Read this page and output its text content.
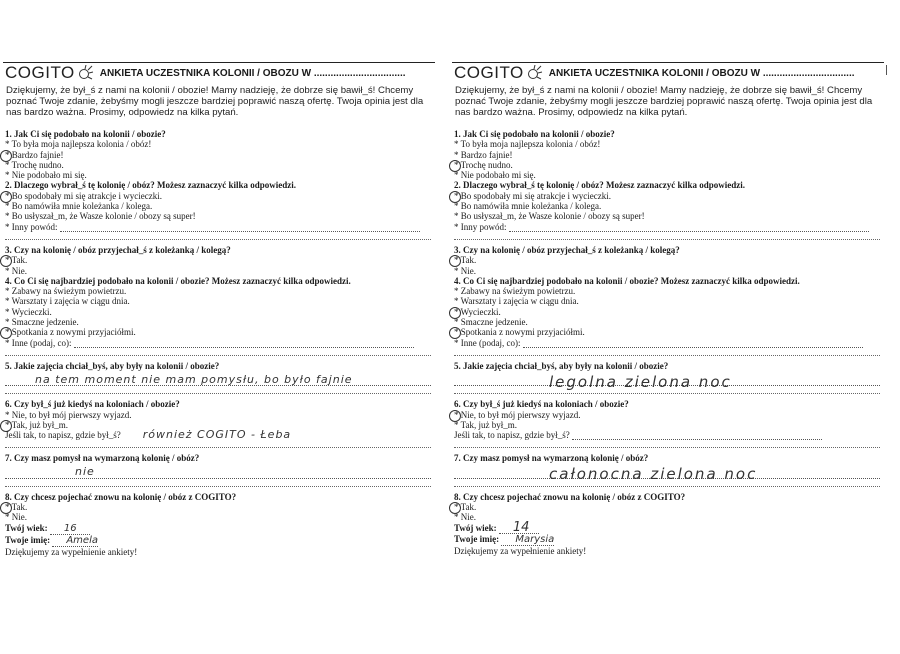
COGITO	ANKIETA UCZESTNIKA KOLONII / OBOZU W .................................
Dziękujemy, że był_ś z nami na kolonii / obozie! Mamy nadzieję, że dobrze się bawił_ś! Chcemy poznać Twoje zdanie, żebyśmy mogli jeszcze bardziej poprawić naszą ofertę. Twoja opinia jest dla nas bardzo ważna. Prosimy, odpowiedz na kilka pytań.
1. Jak Ci się podobało na kolonii / obozie?
* To była moja najlepsza kolonia / obóz!
* Bardzo fajnie!
* Trochę nudno.
* Nie podobało mi się.
2. Dlaczego wybrał_ś tę kolonię / obóz? Możesz zaznaczyć kilka odpowiedzi.
* Bo spodobały mi się atrakcje i wycieczki.
* Bo namówiła mnie koleżanka / kolega.
* Bo usłyszał_m, że Wasze kolonie / obozy są super!
* Inny powód:
3. Czy na kolonię / obóz przyjechał_ś z koleżanką / kolegą?
* Tak.
* Nie.
4. Co Ci się najbardziej podobało na kolonii / obozie? Możesz zaznaczyć kilka odpowiedzi.
* Zabawy na świeżym powietrzu.
* Warsztaty i zajęcia w ciągu dnia.
* Wycieczki.
* Smaczne jedzenie.
* Spotkania z nowymi przyjaciółmi.
* Inne (podaj, co):
5. Jakie zajęcia chciał_byś, aby były na kolonii / obozie?
na tem moment nie mam pomysłu, bo było fajnie
6. Czy był_ś już kiedyś na koloniach / obozie?
* Nie, to był mój pierwszy wyjazd.
* Tak, już był_m.
Jeśli tak, to napisz, gdzie był_ś? również COGITO - Łeba
7. Czy masz pomysł na wymarzoną kolonię / obóz?
nie
8. Czy chcesz pojechać znowu na kolonię / obóz z COGITO?
* Tak.
* Nie.
Twój wiek: 16
Twoje imię: Amela
Dziękujemy za wypełnienie ankiety!
COGITO	ANKIETA UCZESTNIKA KOLONII / OBOZU W .................................
Dziękujemy, że był_ś z nami na kolonii / obozie! Mamy nadzieję, że dobrze się bawił_ś! Chcemy poznać Twoje zdanie, żebyśmy mogli jeszcze bardziej poprawić naszą ofertę. Twoja opinia jest dla nas bardzo ważna. Prosimy, odpowiedz na kilka pytań.
1. Jak Ci się podobało na kolonii / obozie?
* To była moja najlepsza kolonia / obóz!
* Bardzo fajnie!
* Trochę nudno.
* Nie podobało mi się.
2. Dlaczego wybrał_ś tę kolonię / obóz? Możesz zaznaczyć kilka odpowiedzi.
* Bo spodobały mi się atrakcje i wycieczki.
* Bo namówiła mnie koleżanka / kolega.
* Bo usłyszał_m, że Wasze kolonie / obozy są super!
* Inny powód:
3. Czy na kolonię / obóz przyjechał_ś z koleżanką / kolegą?
* Tak.
* Nie.
4. Co Ci się najbardziej podobało na kolonii / obozie? Możesz zaznaczyć kilka odpowiedzi.
* Zabawy na świeżym powietrzu.
* Warsztaty i zajęcia w ciągu dnia.
* Wycieczki.
* Smaczne jedzenie.
* Spotkania z nowymi przyjaciółmi.
* Inne (podaj, co):
5. Jakie zajęcia chciał_byś, aby były na kolonii / obozie?
legolna zielona noc
6. Czy był_ś już kiedyś na koloniach / obozie?
* Nie, to był mój pierwszy wyjazd.
* Tak, już był_m.
Jeśli tak, to napisz, gdzie był_ś?
7. Czy masz pomysł na wymarzoną kolonię / obóz?
całonocna zielona noc
8. Czy chcesz pojechać znowu na kolonię / obóz z COGITO?
* Tak.
* Nie.
Twój wiek: 14
Twoje imię: Marysia
Dziękujemy za wypełnienie ankiety!
